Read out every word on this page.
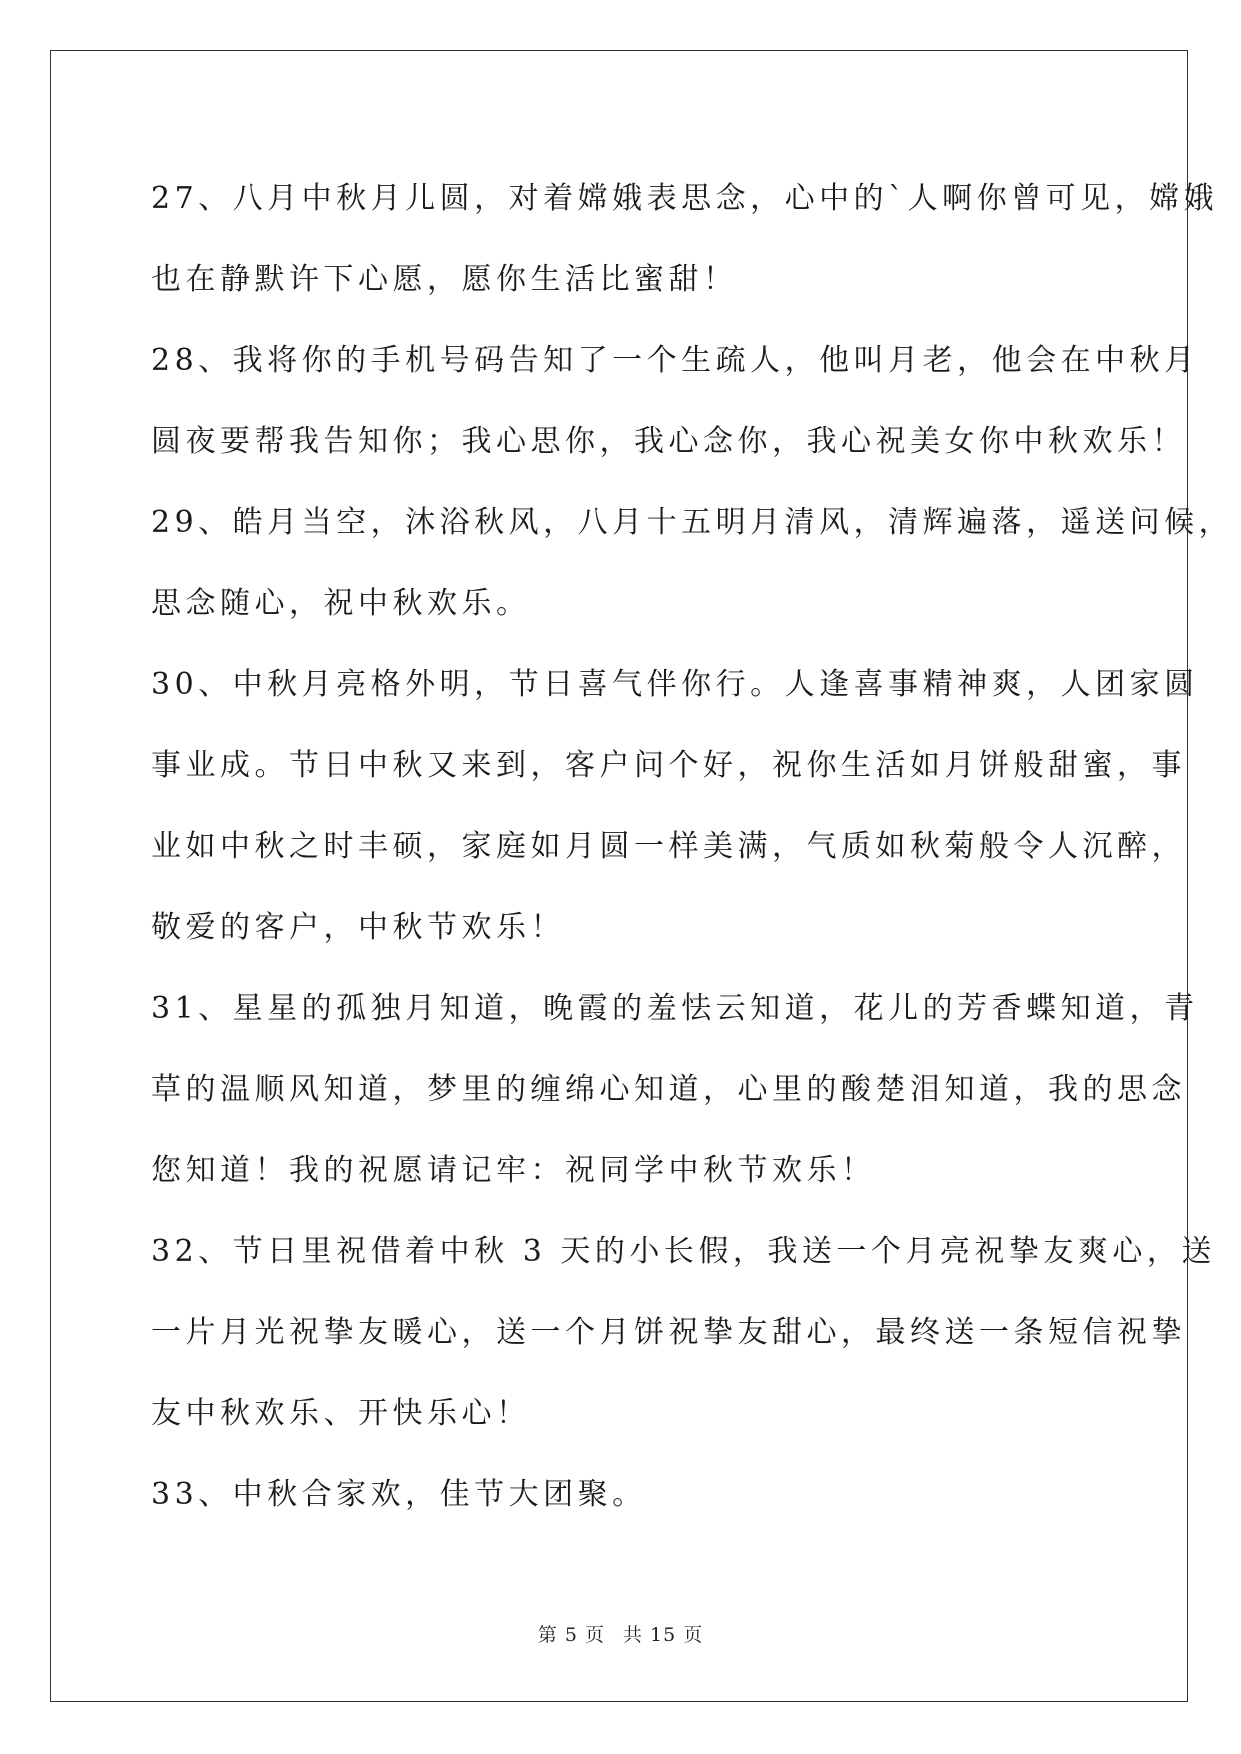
27、八月中秋月儿圆，对着嫦娥表思念，心中的`人啊你曾可见，嫦娥
也在静默许下心愿，愿你生活比蜜甜！

28、我将你的手机号码告知了一个生疏人，他叫月老，他会在中秋月
圆夜要帮我告知你；我心思你，我心念你，我心祝美女你中秋欢乐！

29、皓月当空，沐浴秋风，八月十五明月清风，清辉遍落，遥送问候，
思念随心，祝中秋欢乐。

30、中秋月亮格外明，节日喜气伴你行。人逢喜事精神爽，人团家圆
事业成。节日中秋又来到，客户问个好，祝你生活如月饼般甜蜜，事
业如中秋之时丰硕，家庭如月圆一样美满，气质如秋菊般令人沉醉，
敬爱的客户，中秋节欢乐！

31、星星的孤独月知道，晚霞的羞怯云知道，花儿的芳香蝶知道，青
草的温顺风知道，梦里的缠绵心知道，心里的酸楚泪知道，我的思念
您知道！我的祝愿请记牢：祝同学中秋节欢乐！

32、节日里祝借着中秋 3 天的小长假，我送一个月亮祝挚友爽心，送
一片月光祝挚友暖心，送一个月饼祝挚友甜心，最终送一条短信祝挚
友中秋欢乐、开快乐心！

33、中秋合家欢，佳节大团聚。

第 5 页 共 15 页
